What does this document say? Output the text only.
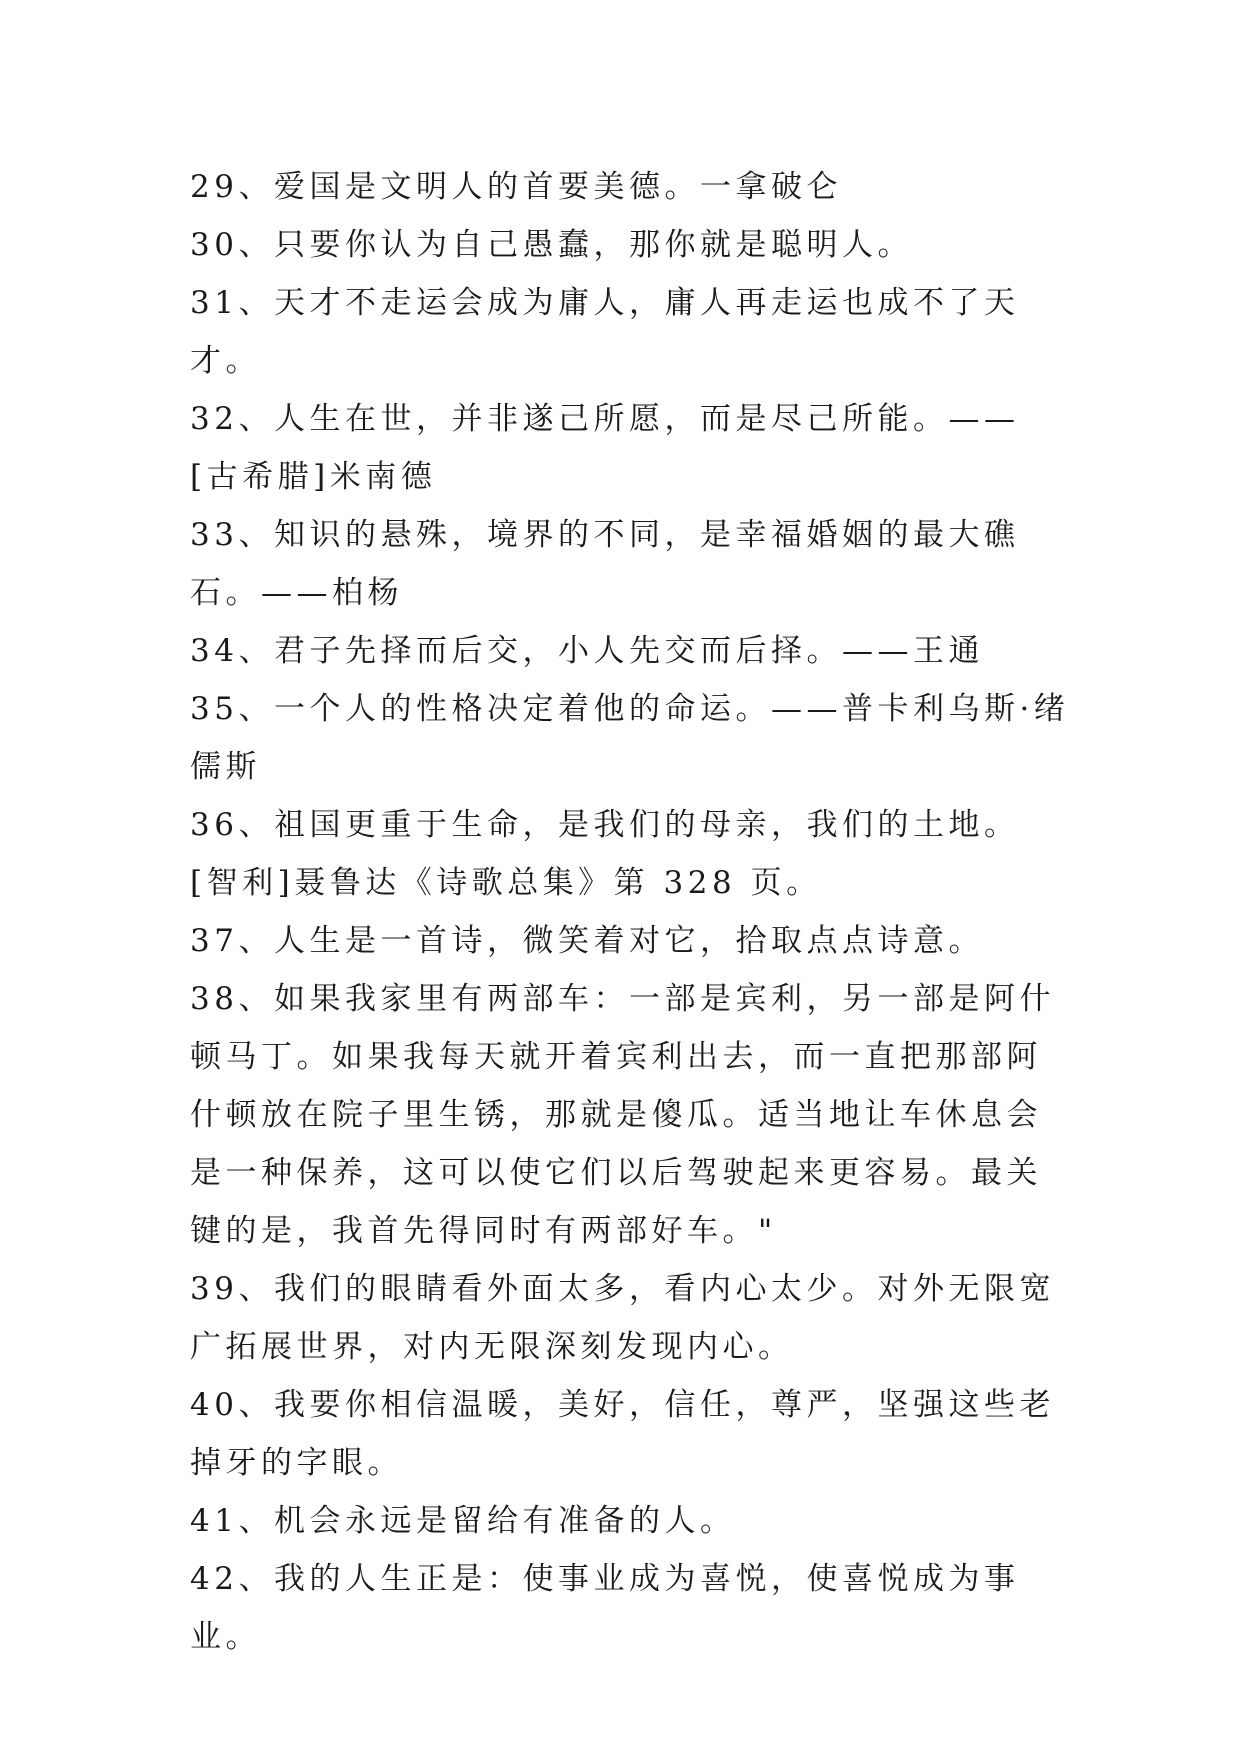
29、爱国是文明人的首要美德。一拿破仑

30、只要你认为自己愚蠢，那你就是聪明人。

31、天才不走运会成为庸人，庸人再走运也成不了天才。

32、人生在世，并非遂己所愿，而是尽己所能。——[古希腊]米南德

33、知识的悬殊，境界的不同，是幸福婚姻的最大礁石。——柏杨

34、君子先择而后交，小人先交而后择。——王通

35、一个人的性格决定着他的命运。——普卡利乌斯·绪儒斯

36、祖国更重于生命，是我们的母亲，我们的土地。[智利]聂鲁达《诗歌总集》第 328 页。

37、人生是一首诗，微笑着对它，拾取点点诗意。

38、如果我家里有两部车：一部是宾利，另一部是阿什顿马丁。如果我每天就开着宾利出去，而一直把那部阿什顿放在院子里生锈，那就是傻瓜。适当地让车休息会是一种保养，这可以使它们以后驾驶起来更容易。最关键的是，我首先得同时有两部好车。"

39、我们的眼睛看外面太多，看内心太少。对外无限宽广拓展世界，对内无限深刻发现内心。

40、我要你相信温暖，美好，信任，尊严，坚强这些老掉牙的字眼。

41、机会永远是留给有准备的人。

42、我的人生正是：使事业成为喜悦，使喜悦成为事业。
